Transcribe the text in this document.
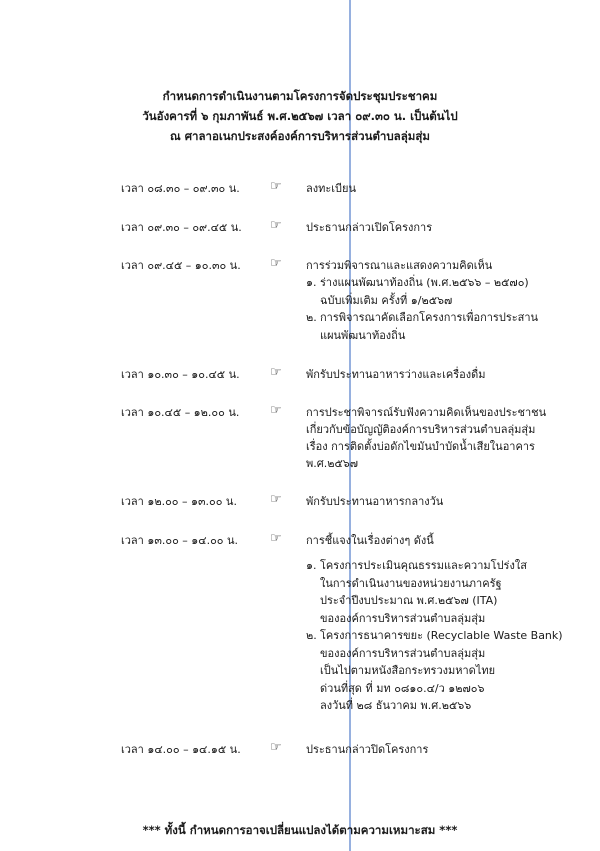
กำหนดการดำเนินงานตามโครงการจัดประชุมประชาคม
วันอังคารที่ ๖ กุมภาพันธ์ พ.ศ.๒๕๖๗ เวลา ๐๙.๓๐ น. เป็นต้นไป
ณ ศาลาอเนกประสงค์องค์การบริหารส่วนตำบลลุ่มสุ่ม
เวลา ๐๘.๓๐ – ๐๙.๓๐ น. ☞ ลงทะเบียน
เวลา ๐๙.๓๐ – ๐๙.๔๕ น. ☞ ประธานกล่าวเปิดโครงการ
เวลา ๐๙.๔๕ – ๑๐.๓๐ น. ☞ การร่วมพิจารณาและแสดงความคิดเห็น
๑. ร่างแผนพัฒนาท้องถิ่น (พ.ศ.๒๕๖๖ – ๒๕๗๐)
ฉบับเพิ่มเติม ครั้งที่ ๑/๒๕๖๗
๒. การพิจารณาคัดเลือกโครงการเพื่อการประสาน
แผนพัฒนาท้องถิ่น
เวลา ๑๐.๓๐ – ๑๐.๔๕ น. ☞ พักรับประทานอาหารว่างและเครื่องดื่ม
เวลา ๑๐.๔๕ – ๑๒.๐๐ น. ☞ การประชาพิจารณ์รับฟังความคิดเห็นของประชาชน
เกี่ยวกับข้อบัญญัติองค์การบริหารส่วนตำบลลุ่มสุ่ม
เรื่อง การติดตั้งบ่อดักไขมันบำบัดน้ำเสียในอาคาร
พ.ศ.๒๕๖๗
เวลา ๑๒.๐๐ – ๑๓.๐๐ น.	☞ พักรับประทานอาหารกลางวัน
เวลา ๑๓.๐๐ – ๑๔.๐๐ น. ☞ การชี้แจงในเรื่องต่างๆ ดังนี้
๑. โครงการประเมินคุณธรรมและความโปร่งใส
ในการดำเนินงานของหน่วยงานภาครัฐ
ประจำปีงบประมาณ พ.ศ.๒๕๖๗ (ITA)
ขององค์การบริหารส่วนตำบลลุ่มสุ่ม
๒. โครงการธนาคารขยะ (Recyclable Waste Bank)
ขององค์การบริหารส่วนตำบลลุ่มสุ่ม
เป็นไปตามหนังสือกระทรวงมหาดไทย
ด่วนที่สุด ที่ มท ๐๘๑๐.๔/ว ๑๒๗๐๖
ลงวันที่ ๒๘ ธันวาคม พ.ศ.๒๕๖๖
เวลา ๑๔.๐๐ – ๑๔.๑๕ น. ☞ ประธานกล่าวปิดโครงการ
*** ทั้งนี้ กำหนดการอาจเปลี่ยนแปลงได้ตามความเหมาะสม ***
